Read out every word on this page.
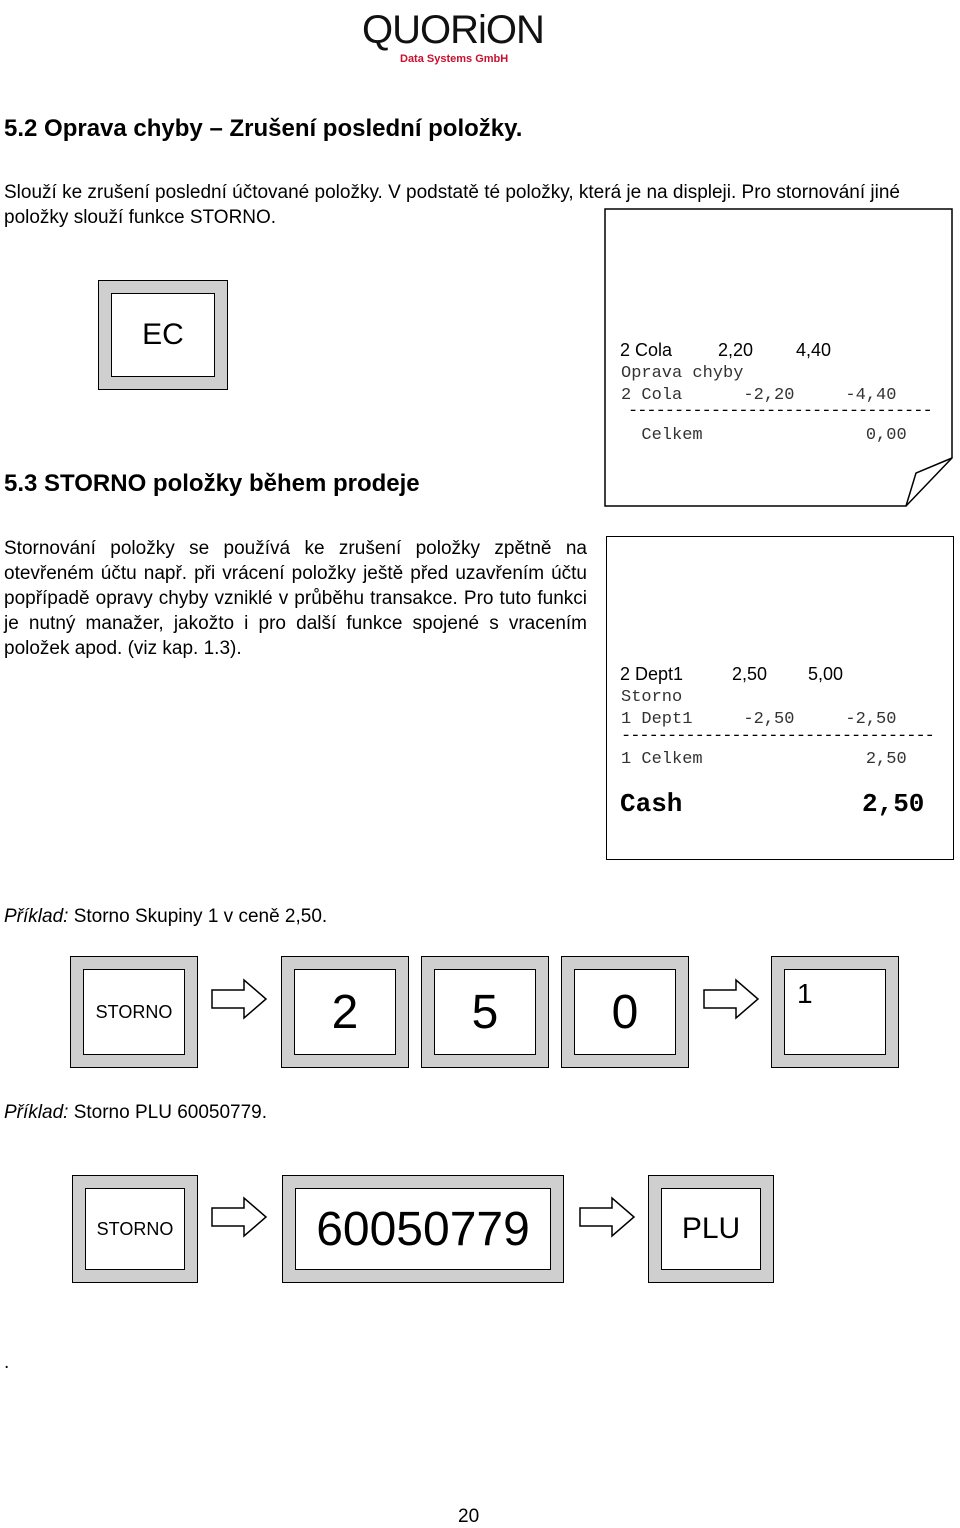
QUORiON
Data Systems GmbH
5.2 Oprava chyby – Zrušení poslední položky.
Slouží ke zrušení poslední účtované položky. V podstatě té položky, která je na displeji. Pro stornování jiné položky slouží funkce STORNO.
EC	2 Cola	2,20 4,40
Oprava chyby
2 Cola      -2,20     -4,40
---------------------------------
Celkem                0,00
5.3 STORNO položky během prodeje
Stornování položky se používá ke zrušení položky zpětně na otevřeném účtu např. při vrácení položky ještě před uzavřením účtu popřípadě opravy chyby vzniklé v průběhu transakce. Pro tuto funkci je nutný manažer, jakožto i pro další funkce spojené s vracením položek apod. (viz kap. 1.3).
2 Dept1	2,50 5,00
Storno
1 Dept1     -2,50     -2,50
----------------------------------
1 Celkem                2,50
Cash	2,50
Příklad: Storno Skupiny 1 v ceně 2,50.
STORNO	2	5	0	1
Příklad: Storno PLU 60050779.
STORNO	60050779	PLU
.
20
